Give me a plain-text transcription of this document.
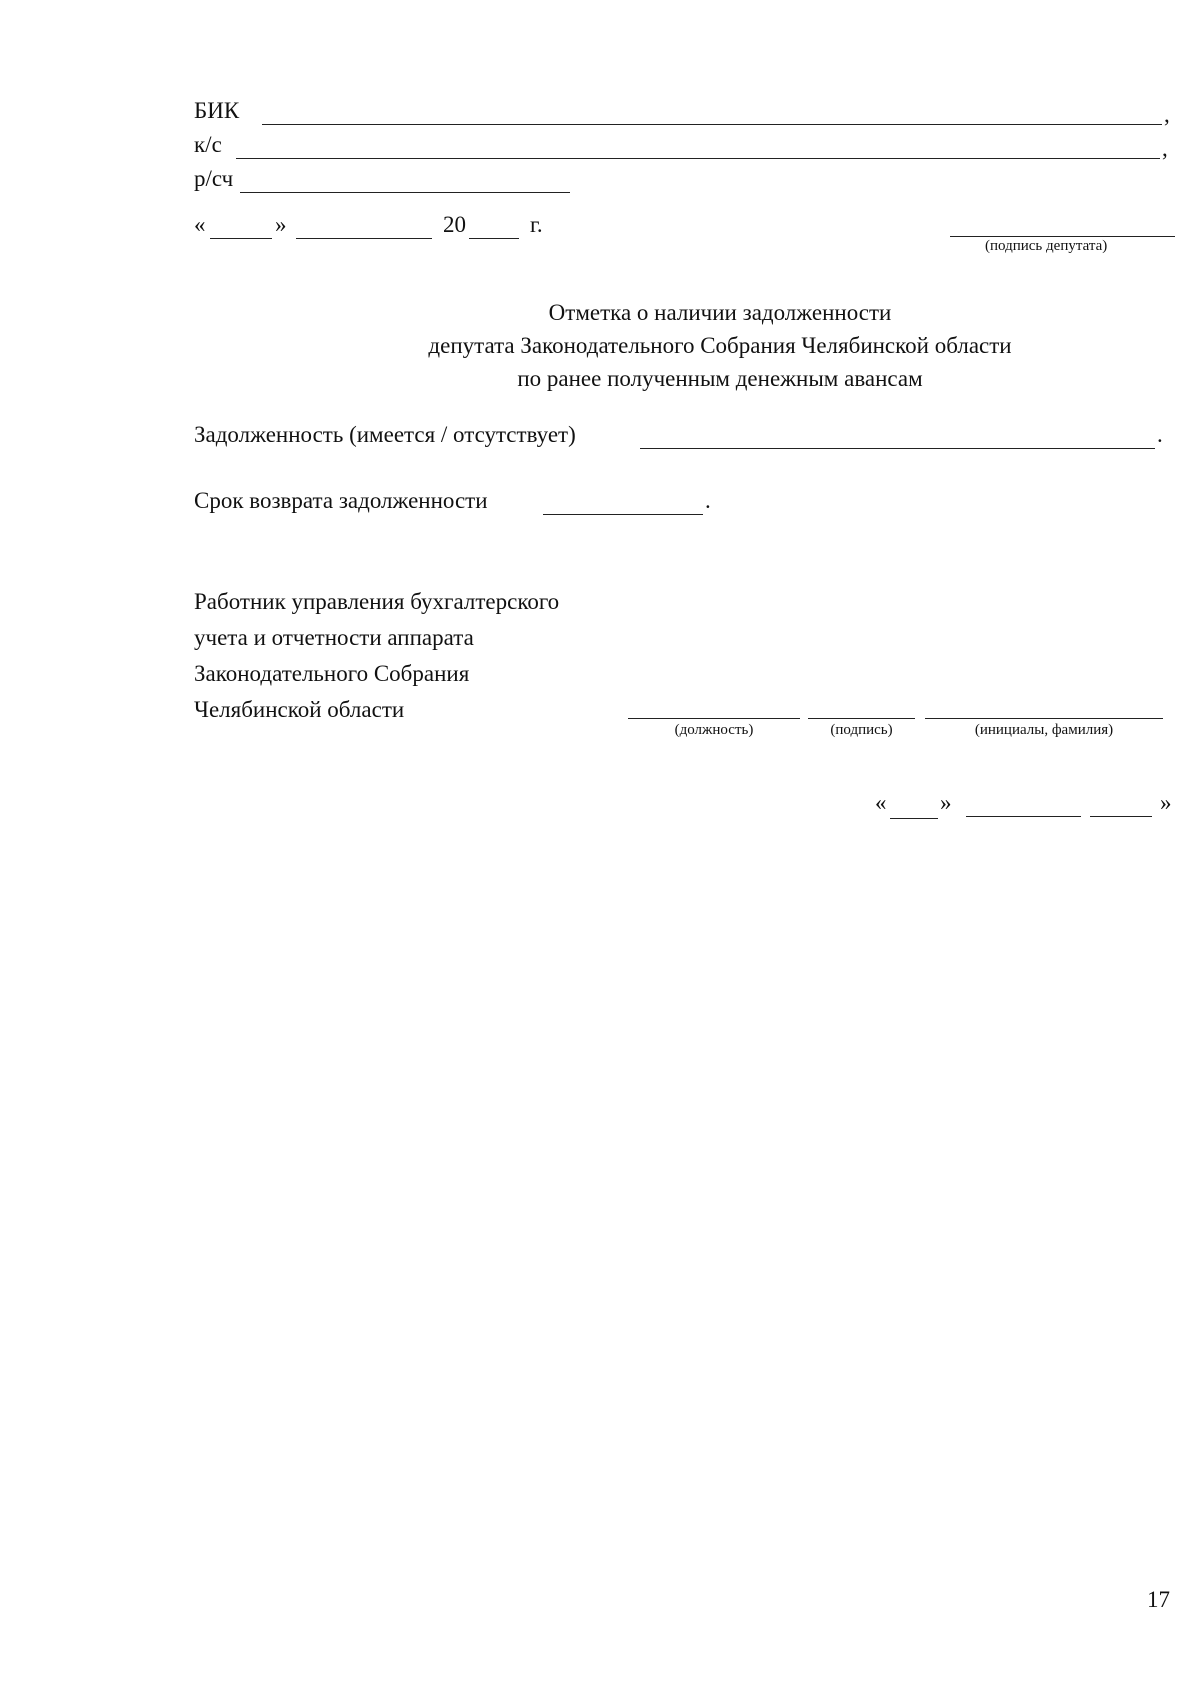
БИК	,
к/с	,
р/сч
«	»	20	г.
(подпись депутата)
Отметка о наличии задолженности
депутата Законодательного Собрания Челябинской области
по ранее полученным денежным авансам
Задолженность (имеется / отсутствует)	.
Срок возврата задолженности	.
Работник управления бухгалтерского
учета и отчетности аппарата
Законодательного Собрания
Челябинской области
(должность)	(подпись)	(инициалы, фамилия)
« »	»
17
